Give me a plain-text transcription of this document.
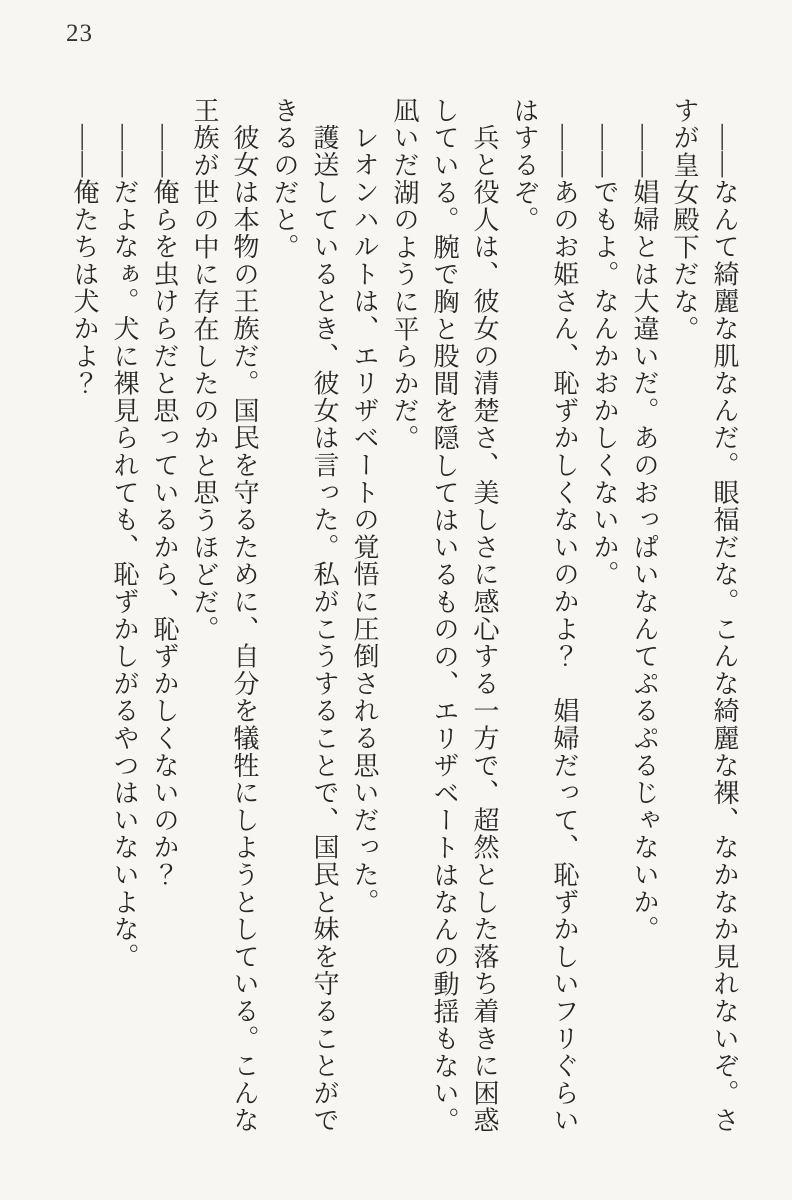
23
――なんて綺麗な肌なんだ。眼福だな。こんな綺麗な裸、なかなか見れないぞ。さ
すが皇女殿下だな。
――娼婦とは大違いだ。あのおっぱいなんてぷるぷるじゃないか。
――でもよ。なんかおかしくないか。
――あのお姫さん、恥ずかしくないのかよ？　娼婦だって、恥ずかしいフリぐらい
はするぞ。
兵と役人は、彼女の清楚さ、美しさに感心する一方で、超然とした落ち着きに困惑
している。腕で胸と股間を隠してはいるものの、エリザベートはなんの動揺もない。
凪いだ湖のように平らかだ。
レオンハルトは、エリザベートの覚悟に圧倒される思いだった。
護送しているとき、彼女は言った。私がこうすることで、国民と妹を守ることがで
きるのだと。
彼女は本物の王族だ。国民を守るために、自分を犠牲にしようとしている。こんな
王族が世の中に存在したのかと思うほどだ。
――俺らを虫けらだと思っているから、恥ずかしくないのか？
――だよなぁ。犬に裸見られても、恥ずかしがるやつはいないよな。
――俺たちは犬かよ？
